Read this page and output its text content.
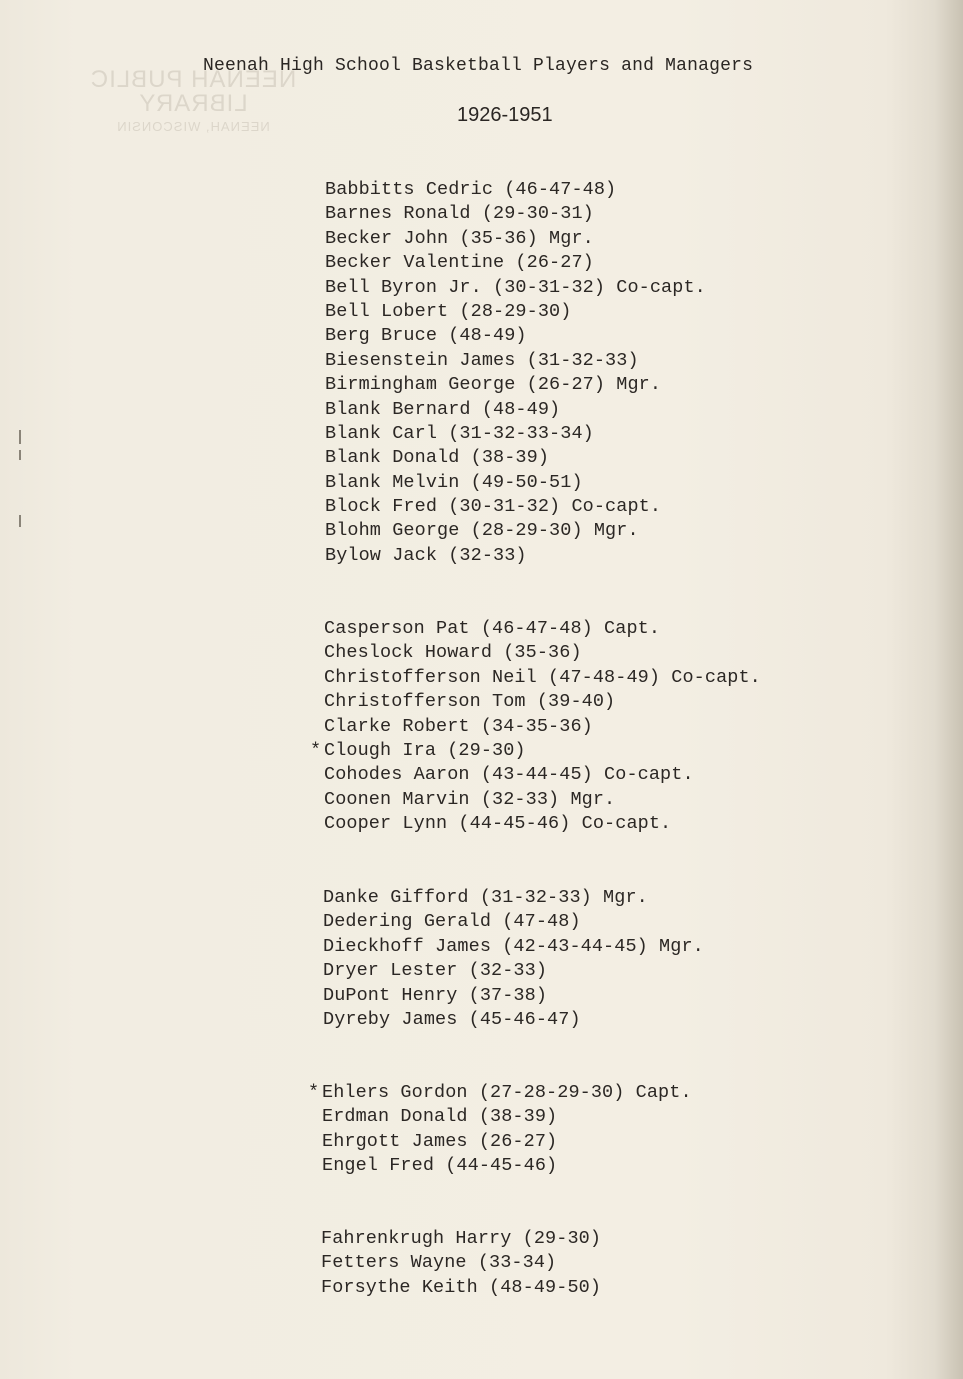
NEENAH PUBLIC LIBRARY
NEENAH, WISCONSIN
Neenah High School Basketball Players and Managers
1926-1951
Babbitts Cedric (46-47-48)
Barnes Ronald (29-30-31)
Becker John (35-36) Mgr.
Becker Valentine (26-27)
Bell Byron Jr. (30-31-32) Co-capt.
Bell Lobert (28-29-30)
Berg Bruce (48-49)
Biesenstein James (31-32-33)
Birmingham George (26-27) Mgr.
Blank Bernard (48-49)
Blank Carl (31-32-33-34)
Blank Donald (38-39)
Blank Melvin (49-50-51)
Block Fred (30-31-32) Co-capt.
Blohm George (28-29-30) Mgr.
Bylow Jack (32-33)
Casperson Pat (46-47-48) Capt.
Cheslock Howard (35-36)
Christofferson Neil (47-48-49) Co-capt.
Christofferson Tom (39-40)
Clarke Robert (34-35-36)
* Clough Ira (29-30)
Cohodes Aaron (43-44-45) Co-capt.
Coonen Marvin (32-33) Mgr.
Cooper Lynn (44-45-46) Co-capt.
Danke Gifford (31-32-33) Mgr.
Dedering Gerald (47-48)
Dieckhoff James (42-43-44-45) Mgr.
Dryer Lester (32-33)
DuPont Henry (37-38)
Dyreby James (45-46-47)
* Ehlers Gordon (27-28-29-30) Capt.
Erdman Donald (38-39)
Ehrgott James (26-27)
Engel Fred (44-45-46)
Fahrenkrugh Harry (29-30)
Fetters Wayne (33-34)
Forsythe Keith (48-49-50)
